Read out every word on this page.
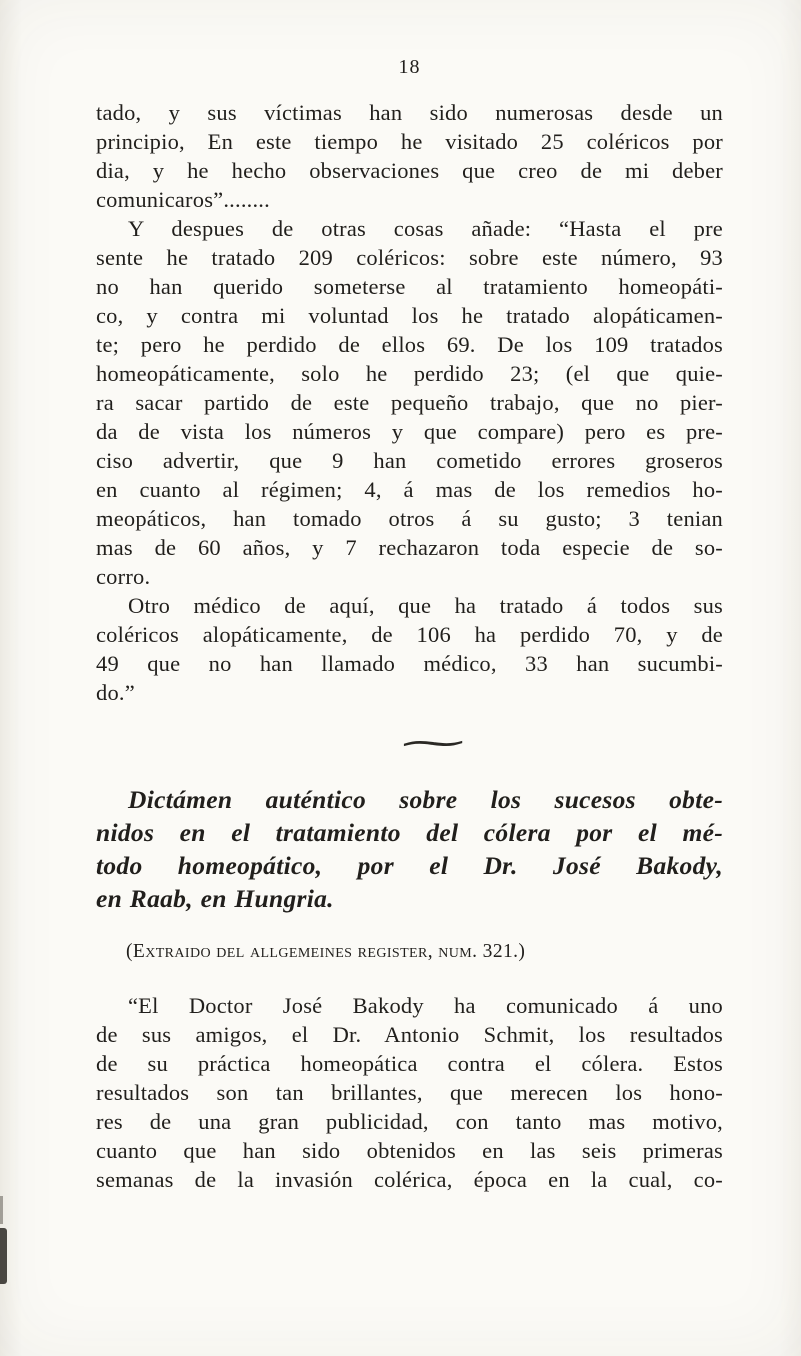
18
tado, y sus víctimas han sido numerosas desde un
principio, En este tiempo he visitado 25 coléricos por
dia, y he hecho observaciones que creo de mi deber
comunicaros”........
Y despues de otras cosas añade: “Hasta el pre
sente he tratado 209 coléricos: sobre este número, 93
no han querido someterse al tratamiento homeopáti-
co, y contra mi voluntad los he tratado alopáticamen-
te; pero he perdido de ellos 69. De los 109 tratados
homeopáticamente, solo he perdido 23; (el que quie-
ra sacar partido de este pequeño trabajo, que no pier-
da de vista los números y que compare) pero es pre-
ciso advertir, que 9 han cometido errores groseros
en cuanto al régimen; 4, á mas de los remedios ho-
meopáticos, han tomado otros á su gusto; 3 tenian
mas de 60 años, y 7 rechazaron toda especie de so-
corro.
Otro médico de aquí, que ha tratado á todos sus
coléricos alopáticamente, de 106 ha perdido 70, y de
49 que no han llamado médico, 33 han sucumbi-
do.”
⁓
Dictámen auténtico sobre los sucesos obte-
nidos en el tratamiento del cólera por el mé-
todo homeopático, por el Dr. José Bakody,
en Raab, en Hungria.
(Extraido del allgemeines register, num. 321.)
“El Doctor José Bakody ha comunicado á uno
de sus amigos, el Dr. Antonio Schmit, los resultados
de su práctica homeopática contra el cólera. Estos
resultados son tan brillantes, que merecen los hono-
res de una gran publicidad, con tanto mas motivo,
cuanto que han sido obtenidos en las seis primeras
semanas de la invasión colérica, época en la cual, co-
